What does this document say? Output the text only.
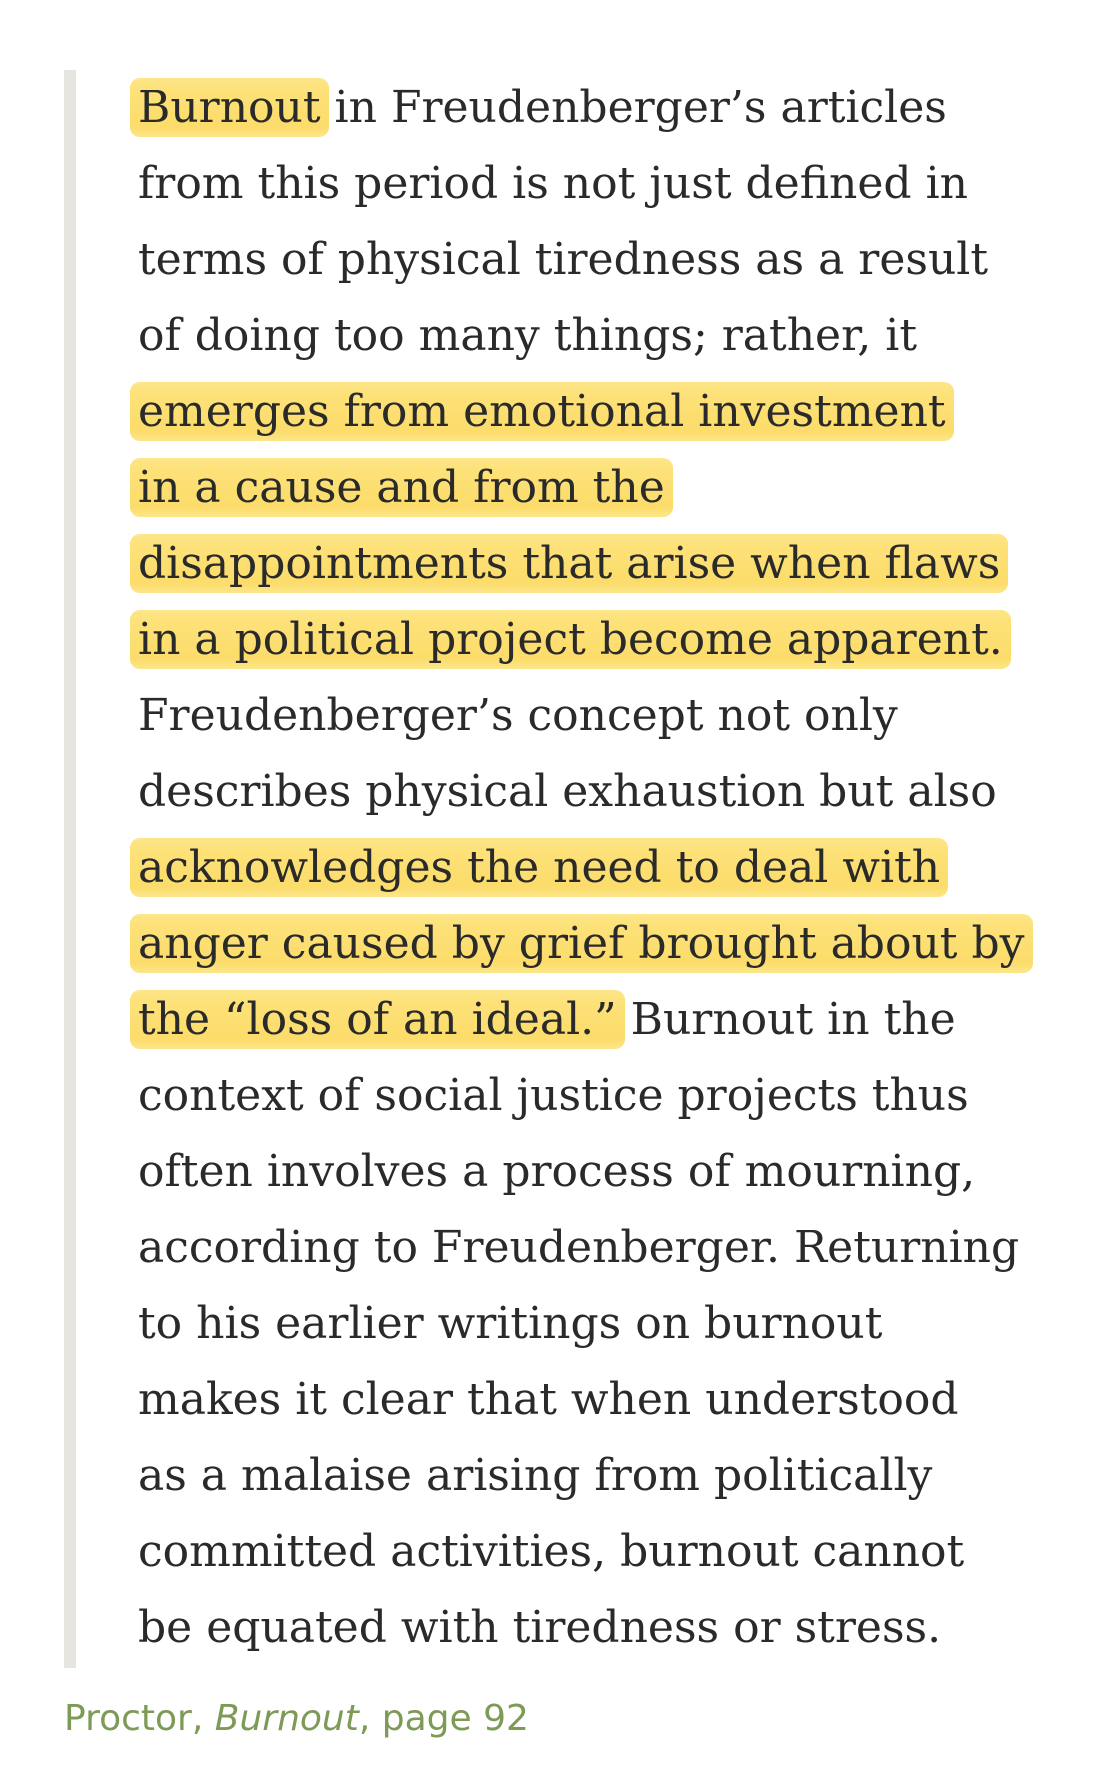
Burnout in Freudenberger’s articles
from this period is not just defined in
terms of physical tiredness as a result
of doing too many things; rather, it
emerges from emotional investment
in a cause and from the
disappointments that arise when flaws
in a political project become apparent.
Freudenberger’s concept not only
describes physical exhaustion but also
acknowledges the need to deal with
anger caused by grief brought about by
the “loss of an ideal.” Burnout in the
context of social justice projects thus
often involves a process of mourning,
according to Freudenberger. Returning
to his earlier writings on burnout
makes it clear that when understood
as a malaise arising from politically
committed activities, burnout cannot
be equated with tiredness or stress.
Proctor, Burnout, page 92
